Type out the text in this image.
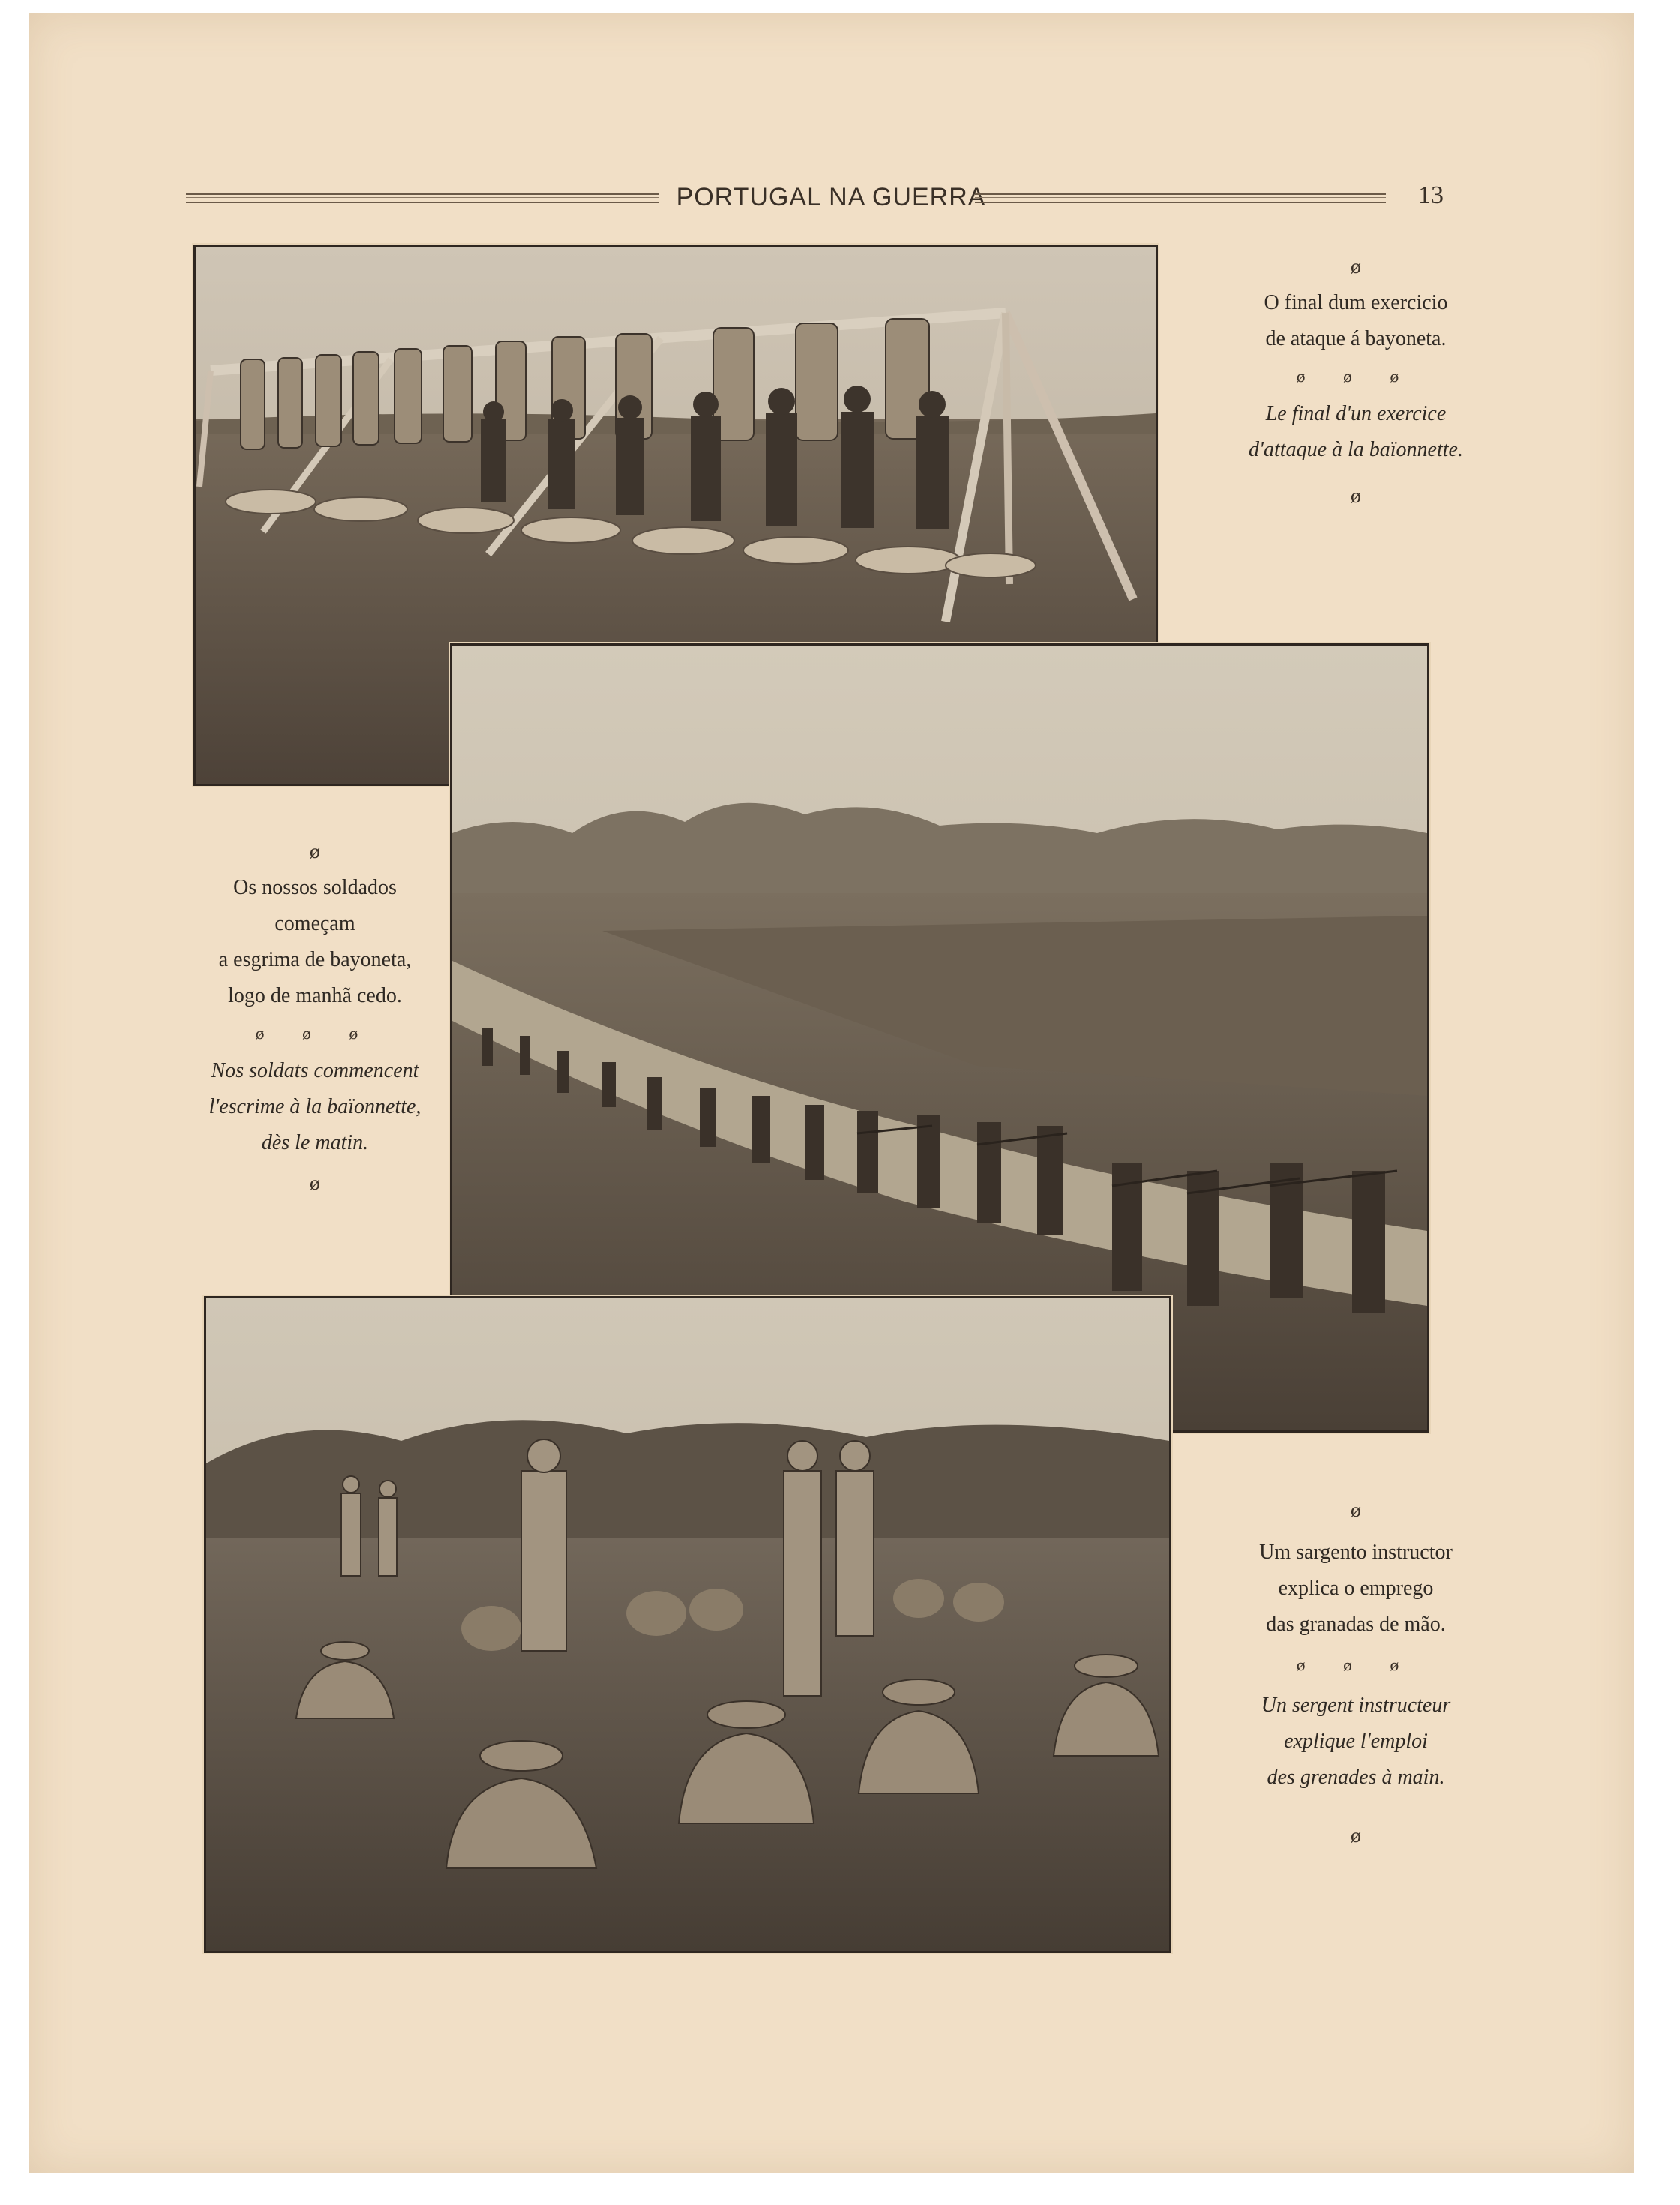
PORTUGAL NA GUERRA	13
ø
O final dum exercicio
de ataque á bayoneta.
ø ø ø
Le final d'un exercice
d'attaque à la baïonnette.
ø
ø
Os nossos soldados
começam
a esgrima de bayoneta,
logo de manhã cedo.
ø ø ø
Nos soldats commencent
l'escrime à la baïonnette,
dès le matin.
ø
ø
Um sargento instructor
explica o emprego
das granadas de mão.
ø ø ø
Un sergent instructeur
explique l'emploi
des grenades à main.
ø
